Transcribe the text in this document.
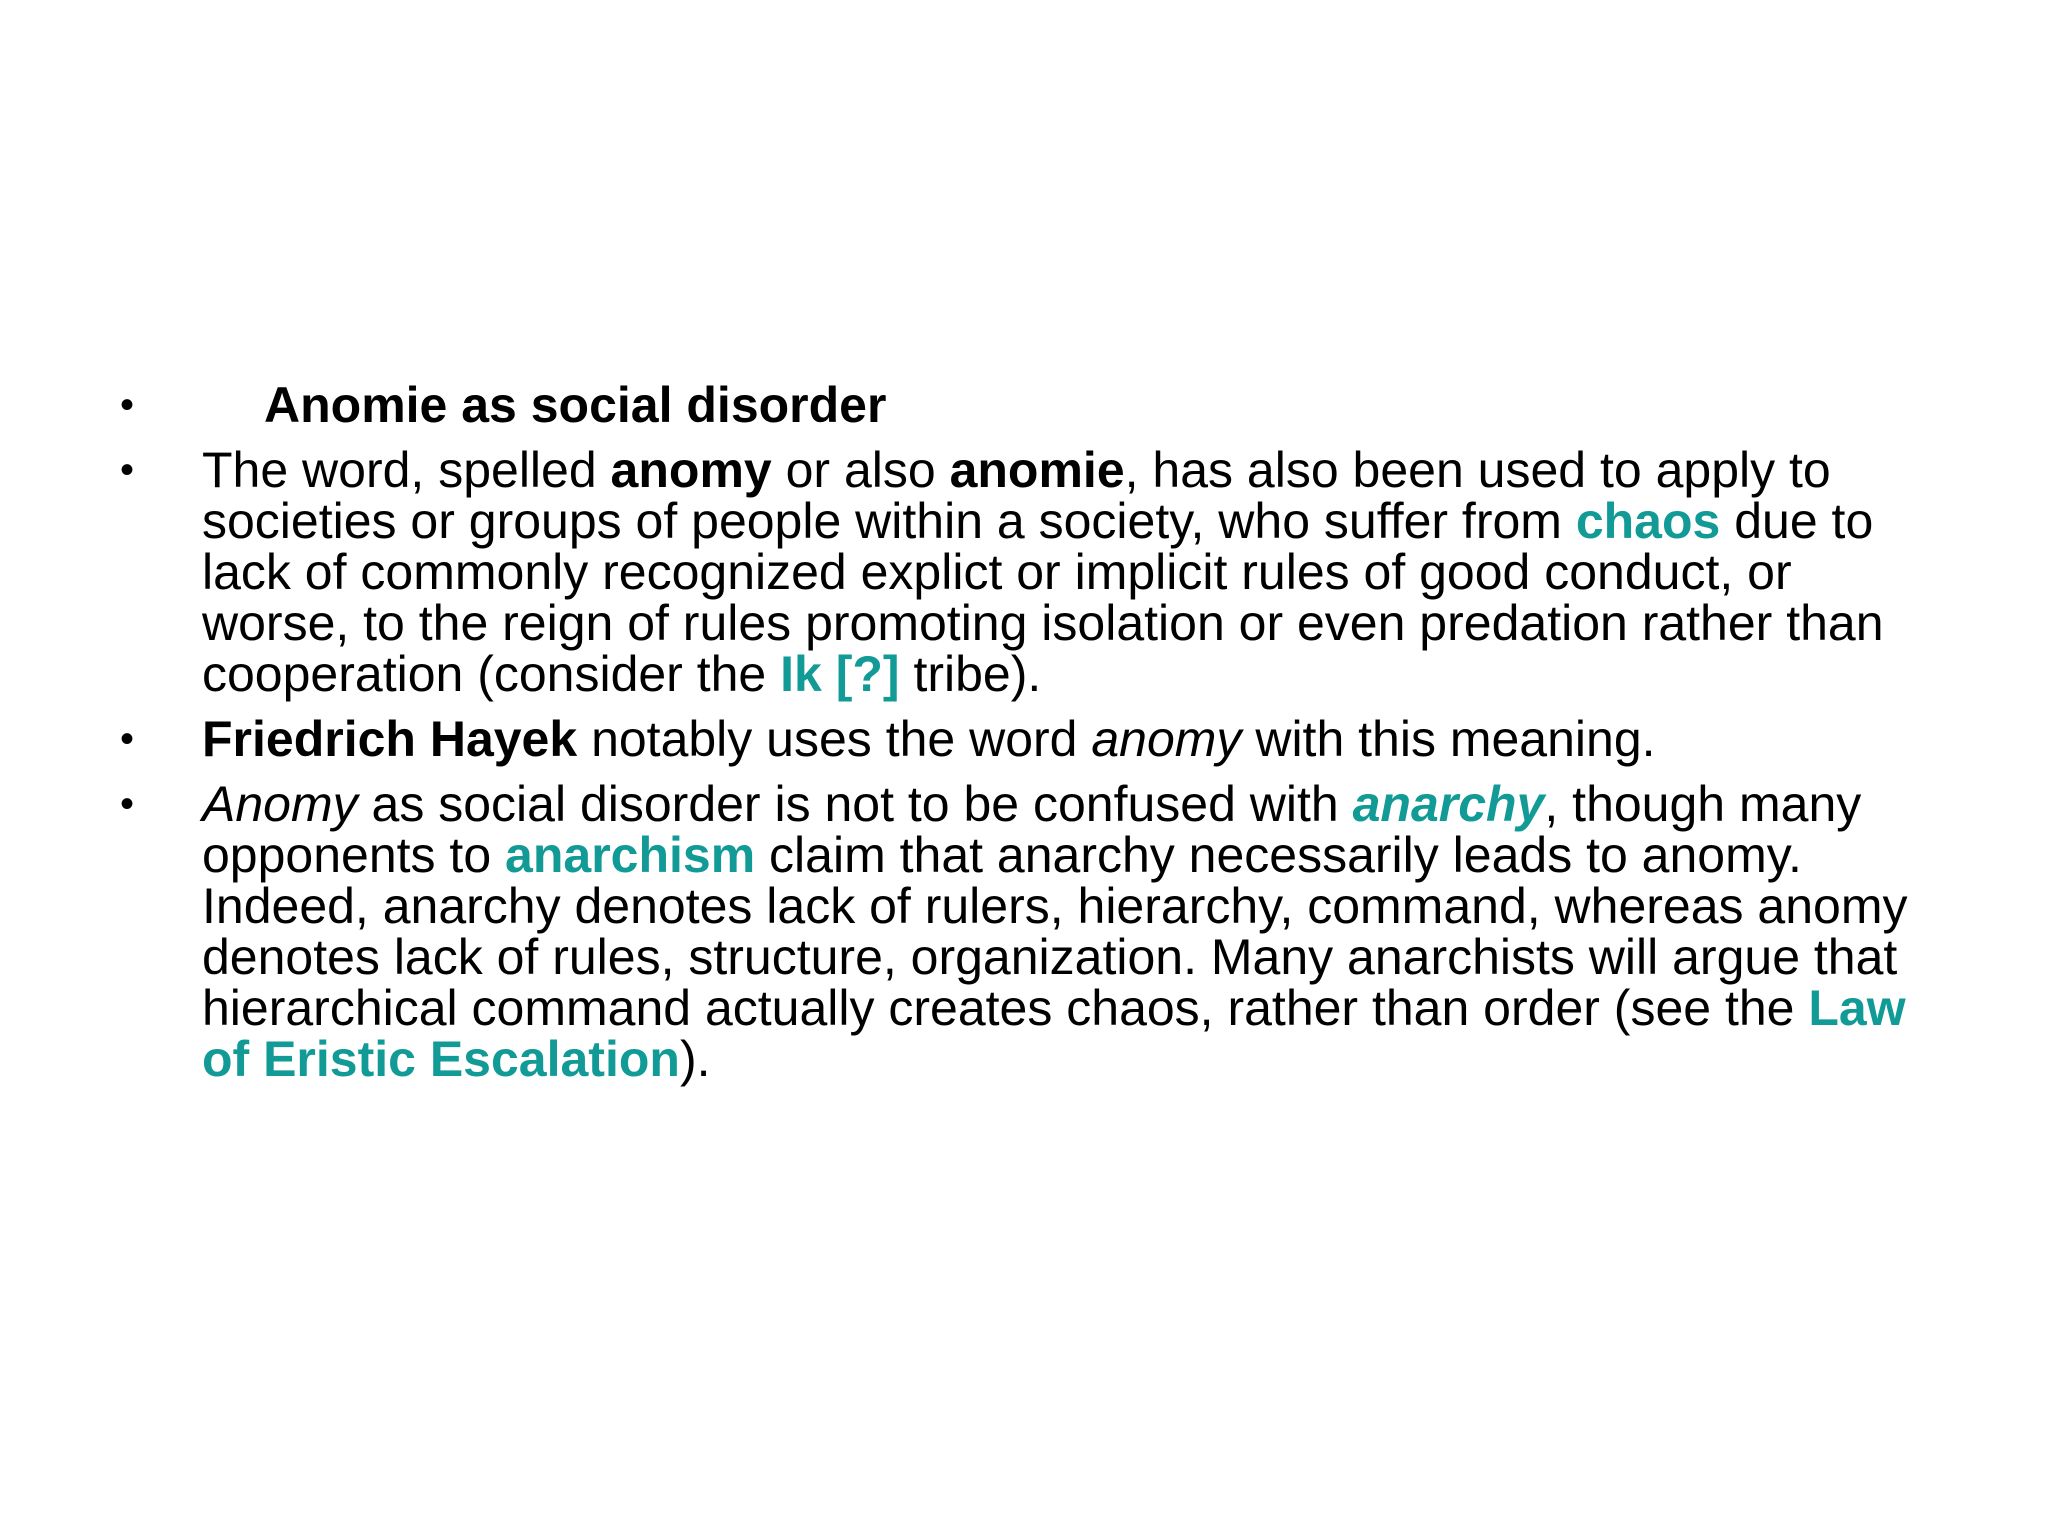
•	Anomie as social disorder
•	The word, spelled anomy or also anomie, has also been used to apply to societies or groups of people within a society, who suffer from chaos due to lack of commonly recognized explict or implicit rules of good conduct, or worse, to the reign of rules promoting isolation or even predation rather than cooperation (consider the Ik [?] tribe).
•	Friedrich Hayek notably uses the word anomy with this meaning.
•	Anomy as social disorder is not to be confused with anarchy, though many opponents to anarchism claim that anarchy necessarily leads to anomy. Indeed, anarchy denotes lack of rulers, hierarchy, command, whereas anomy denotes lack of rules, structure, organization. Many anarchists will argue that hierarchical command actually creates chaos, rather than order (see the Law of Eristic Escalation).
